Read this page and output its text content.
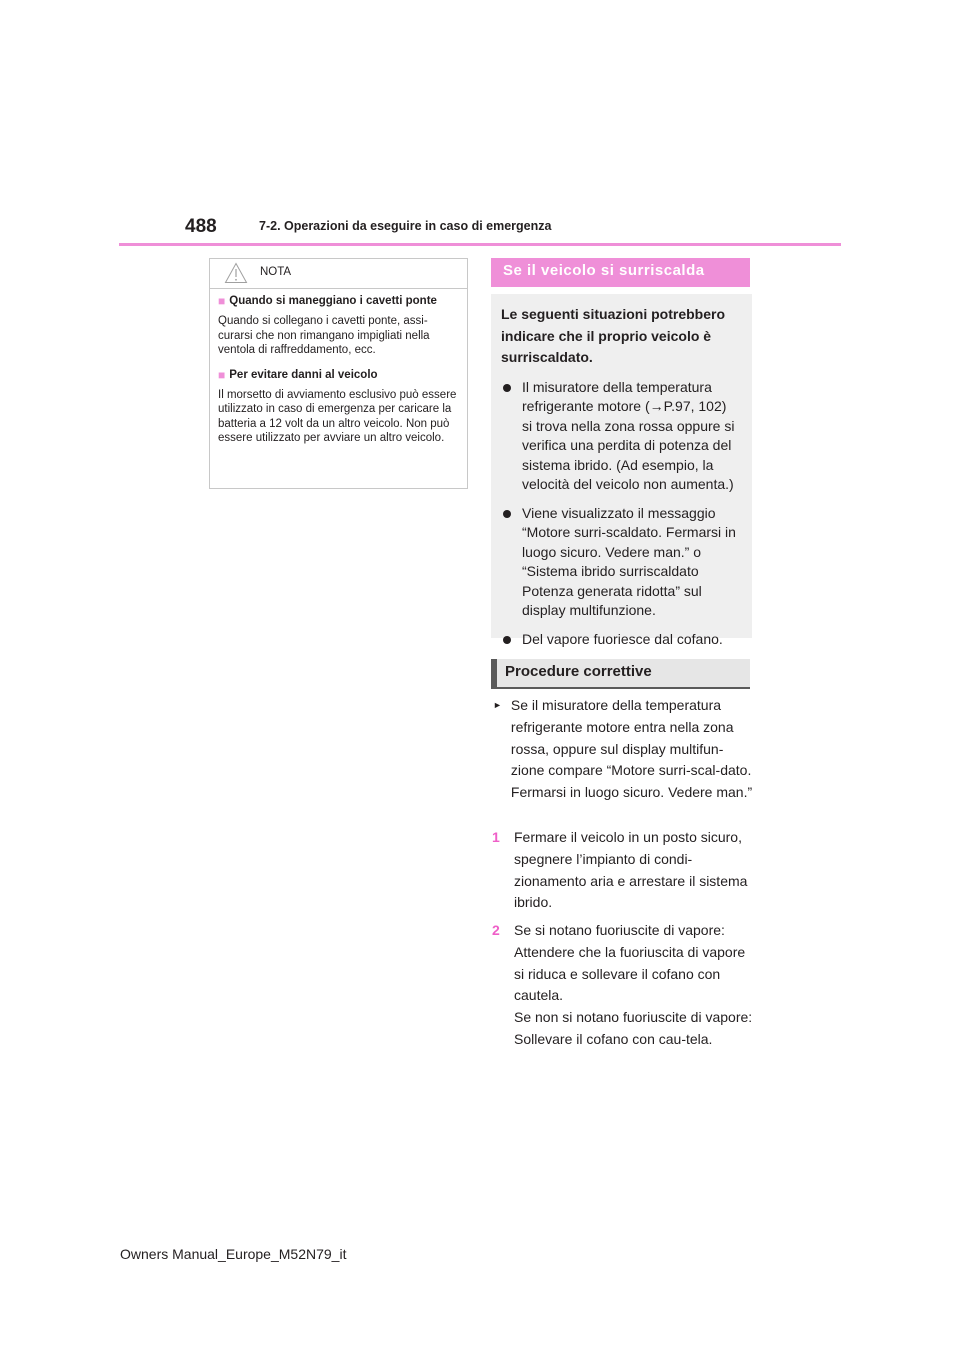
488	7-2. Operazioni da eseguire in caso di emergenza
NOTA
■ Quando si maneggiano i cavetti ponte
Quando si collegano i cavetti ponte, assi-curarsi che non rimangano impigliati nella ventola di raffreddamento, ecc.
■ Per evitare danni al veicolo
Il morsetto di avviamento esclusivo può essere utilizzato in caso di emergenza per caricare la batteria a 12 volt da un altro veicolo. Non può essere utilizzato per avviare un altro veicolo.
Se il veicolo si surriscalda
Le seguenti situazioni potrebbero indicare che il proprio veicolo è surriscaldato.
Il misuratore della temperatura refrigerante motore (→P.97, 102) si trova nella zona rossa oppure si verifica una perdita di potenza del sistema ibrido. (Ad esempio, la velocità del veicolo non aumenta.)
Viene visualizzato il messaggio “Motore surri-scaldato. Fermarsi in luogo sicuro. Vedere man.” o “Sistema ibrido surriscaldato Potenza generata ridotta” sul display multifunzione.
Del vapore fuoriesce dal cofano.
Procedure correttive
► Se il misuratore della temperatura refrigerante motore entra nella zona rossa, oppure sul display multifun-zione compare “Motore surri-scal-dato. Fermarsi in luogo sicuro. Vedere man.”
1	Fermare il veicolo in un posto sicuro, spegnere l’impianto di condi-zionamento aria e arrestare il sistema ibrido.
2	Se si notano fuoriuscite di vapore: Attendere che la fuoriuscita di vapore si riduca e sollevare il cofano con cautela.
Se non si notano fuoriuscite di vapore: Sollevare il cofano con cau-tela.
Owners Manual_Europe_M52N79_it
